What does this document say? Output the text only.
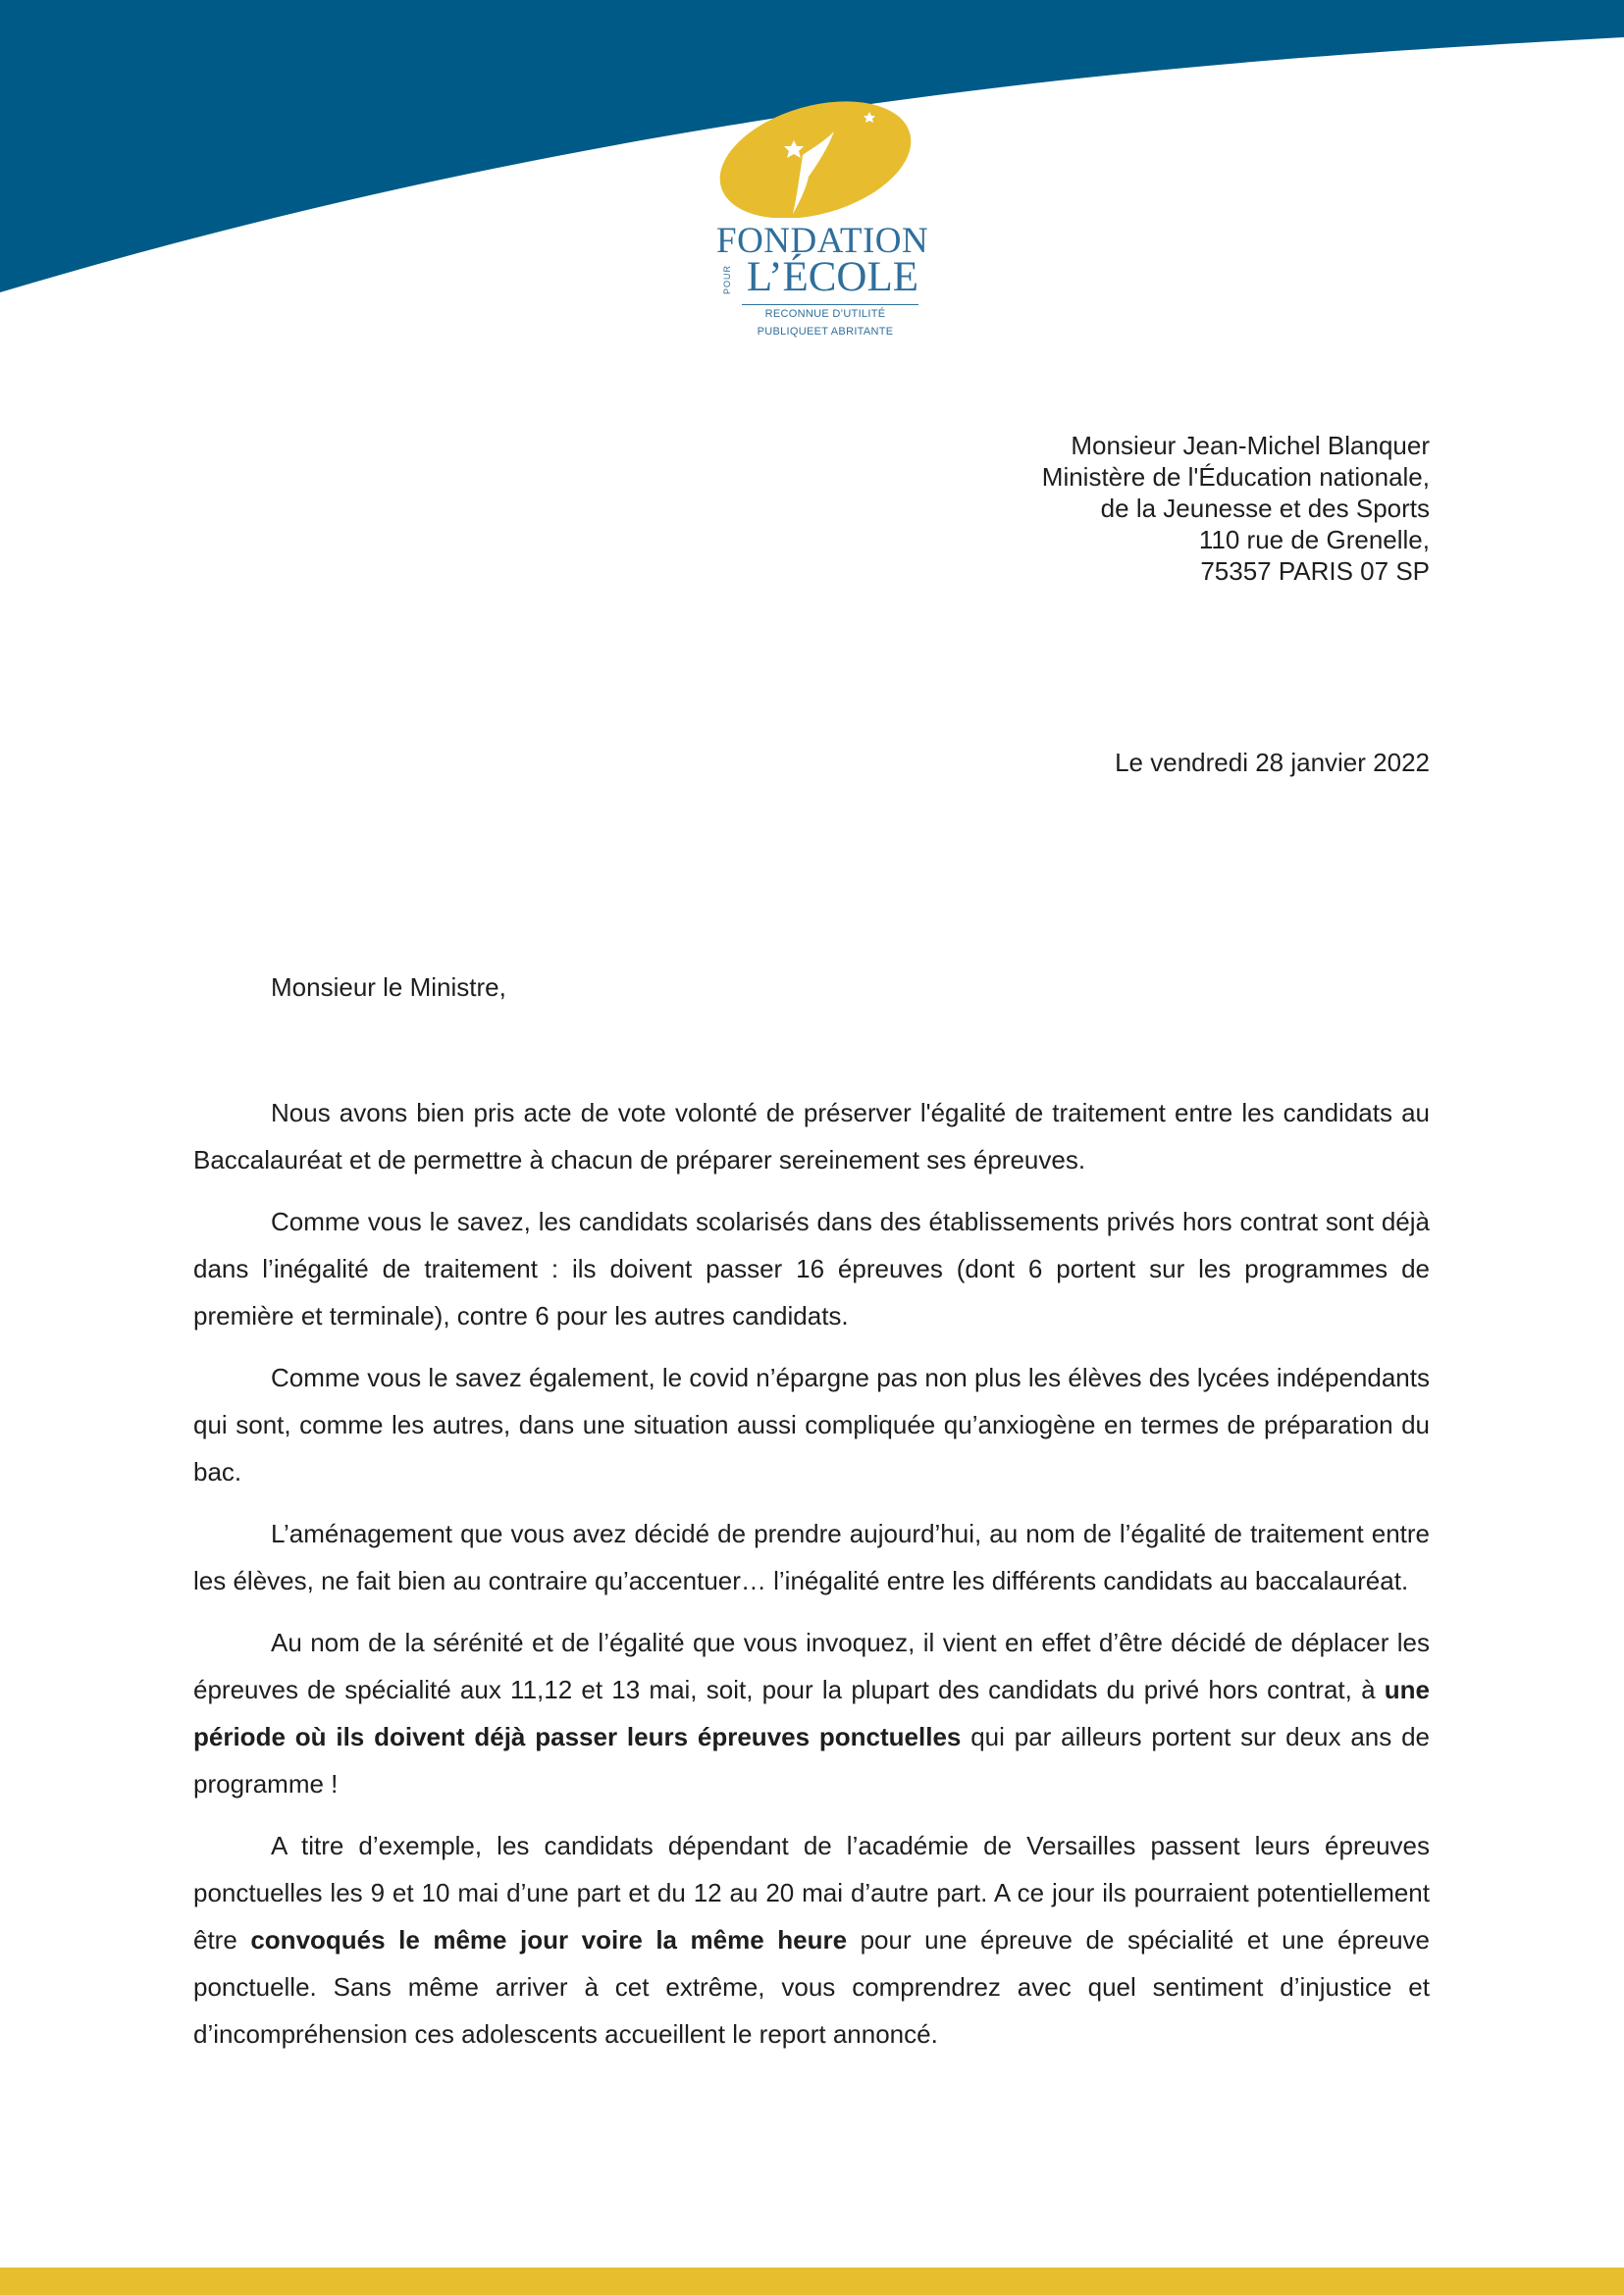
FONDATION
POUR L’ÉCOLE
RECONNUE D’UTILITÉ
PUBLIQUEET ABRITANTE
Monsieur Jean-Michel Blanquer
Ministère de l'Éducation nationale,
de la Jeunesse et des Sports
110 rue de Grenelle,
75357 PARIS 07 SP
Le vendredi 28 janvier 2022
Monsieur le Ministre,

Nous avons bien pris acte de vote volonté de préserver l'égalité de traitement entre les candidats au Baccalauréat et de permettre à chacun de préparer sereinement ses épreuves.

Comme vous le savez, les candidats scolarisés dans des établissements privés hors contrat sont déjà dans l’inégalité de traitement : ils doivent passer 16 épreuves (dont 6 portent sur les programmes de première et terminale), contre 6 pour les autres candidats.

Comme vous le savez également, le covid n’épargne pas non plus les élèves des lycées indépendants qui sont, comme les autres, dans une situation aussi compliquée qu’anxiogène en termes de préparation du bac.

L’aménagement que vous avez décidé de prendre aujourd’hui, au nom de l’égalité de traitement entre les élèves, ne fait bien au contraire qu’accentuer… l’inégalité entre les différents candidats au baccalauréat.

Au nom de la sérénité et de l’égalité que vous invoquez, il vient en effet d’être décidé de déplacer les épreuves de spécialité aux 11,12 et 13 mai, soit, pour la plupart des candidats du privé hors contrat, à une période où ils doivent déjà passer leurs épreuves ponctuelles qui par ailleurs portent sur deux ans de programme !

A titre d’exemple, les candidats dépendant de l’académie de Versailles passent leurs épreuves ponctuelles les 9 et 10 mai d’une part et du 12 au 20 mai d’autre part. A ce jour ils pourraient potentiellement être convoqués le même jour voire la même heure pour une épreuve de spécialité et une épreuve ponctuelle. Sans même arriver à cet extrême, vous comprendrez avec quel sentiment d’injustice et d’incompréhension ces adolescents accueillent le report annoncé.
